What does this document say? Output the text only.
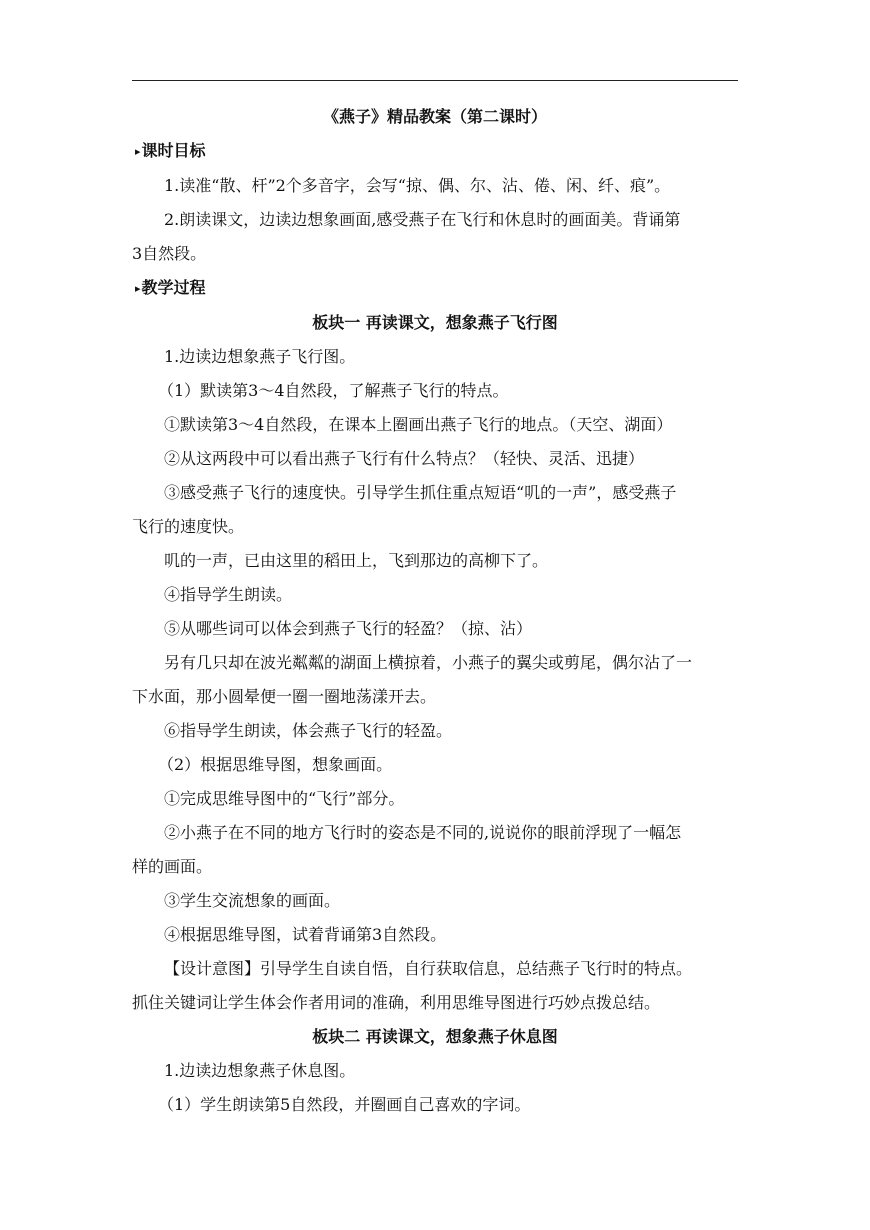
《燕子》精品教案（第二课时）
▸课时目标
1.读准“散、杆”2个多音字，会写“掠、偶、尔、沾、倦、闲、纤、痕”。
2.朗读课文，边读边想象画面,感受燕子在飞行和休息时的画面美。背诵第
3自然段。
▸教学过程
板块一 再读课文，想象燕子飞行图
1.边读边想象燕子飞行图。
（1）默读第3～4自然段，了解燕子飞行的特点。
①默读第3～4自然段，在课本上圈画出燕子飞行的地点。（天空、湖面）
②从这两段中可以看出燕子飞行有什么特点？（轻快、灵活、迅捷）
③感受燕子飞行的速度快。引导学生抓住重点短语“叽的一声”，感受燕子
飞行的速度快。
叽的一声，已由这里的稻田上，飞到那边的高柳下了。
④指导学生朗读。
⑤从哪些词可以体会到燕子飞行的轻盈？（掠、沾）
另有几只却在波光粼粼的湖面上横掠着，小燕子的翼尖或剪尾，偶尔沾了一
下水面，那小圆晕便一圈一圈地荡漾开去。
⑥指导学生朗读，体会燕子飞行的轻盈。
（2）根据思维导图，想象画面。
①完成思维导图中的“飞行”部分。
②小燕子在不同的地方飞行时的姿态是不同的,说说你的眼前浮现了一幅怎
样的画面。
③学生交流想象的画面。
④根据思维导图，试着背诵第3自然段。
【设计意图】引导学生自读自悟，自行获取信息，总结燕子飞行时的特点。
抓住关键词让学生体会作者用词的准确，利用思维导图进行巧妙点拨总结。
板块二 再读课文，想象燕子休息图
1.边读边想象燕子休息图。
（1）学生朗读第5自然段，并圈画自己喜欢的字词。
